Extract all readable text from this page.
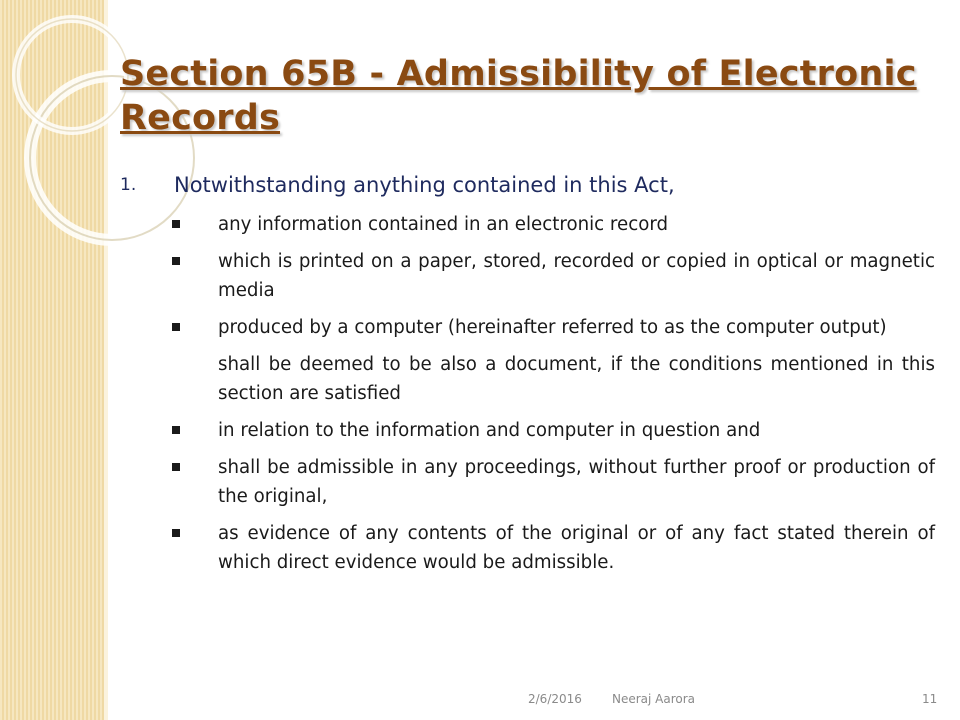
Section 65B - Admissibility of Electronic Records
1. Notwithstanding anything contained in this Act,
any information contained in an electronic record
which is printed on a paper, stored, recorded or copied in optical or magnetic media
produced by a computer (hereinafter referred to as the computer output)
shall be deemed to be also a document, if the conditions mentioned in this section are satisfied
in relation to the information and computer in question and
shall be admissible in any proceedings, without further proof or production of the original,
as evidence of any contents of the original or of any fact stated therein of which direct evidence would be admissible.
2/6/2016	Neeraj Aarora	11
